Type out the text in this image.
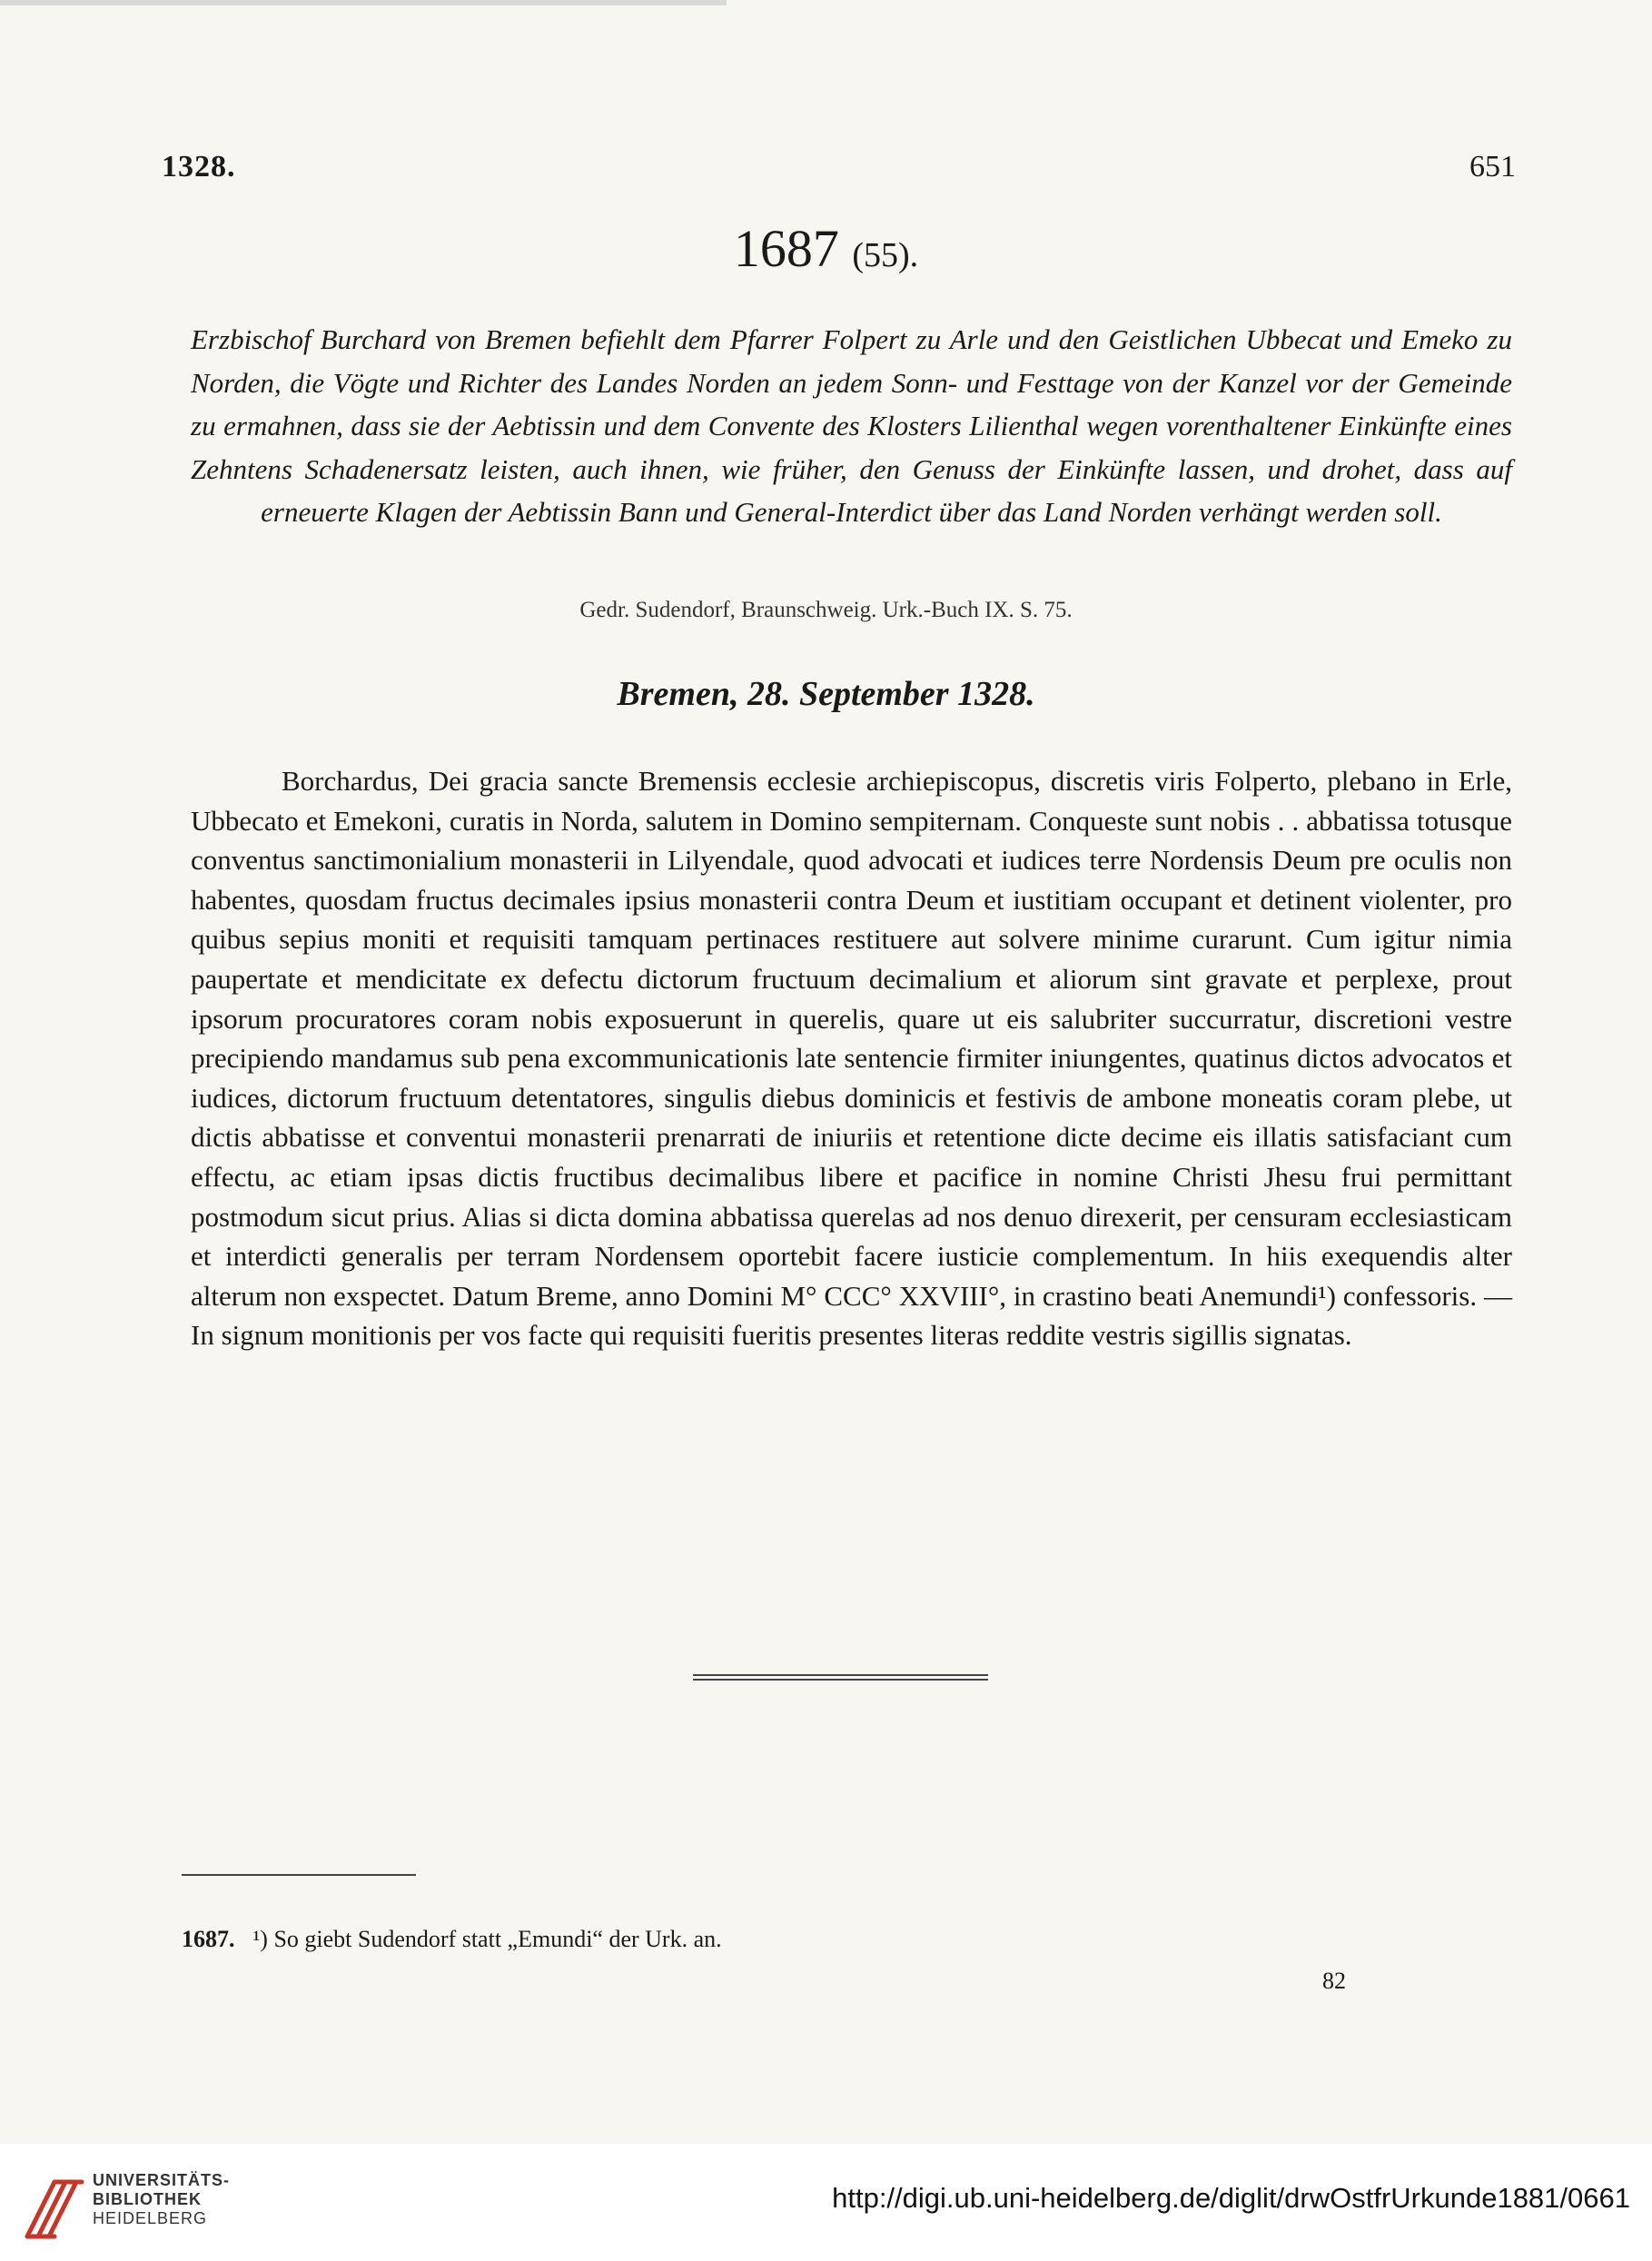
1328.	651
1687 (55).
Erzbischof Burchard von Bremen befiehlt dem Pfarrer Folpert zu Arle und den Geistlichen Ubbecat und Emeko zu Norden, die Vögte und Richter des Landes Norden an jedem Sonn- und Festtage von der Kanzel vor der Gemeinde zu ermahnen, dass sie der Aebtissin und dem Convente des Klosters Lilienthal wegen vorenthaltener Einkünfte eines Zehntens Schadenersatz leisten, auch ihnen, wie früher, den Genuss der Einkünfte lassen, und drohet, dass auf erneuerte Klagen der Aebtissin Bann und General-Interdict über das Land Norden verhängt werden soll.
Gedr. Sudendorf, Braunschweig. Urk.-Buch IX. S. 75.
Bremen, 28. September 1328.
Borchardus, Dei gracia sancte Bremensis ecclesie archiepiscopus, discretis viris Folperto, plebano in Erle, Ubbecato et Emekoni, curatis in Norda, salutem in Domino sempiternam. Conqueste sunt nobis . . abbatissa totusque conventus sanctimonialium monasterii in Lilyendale, quod advocati et iudices terre Nordensis Deum pre oculis non habentes, quosdam fructus decimales ipsius monasterii contra Deum et iustitiam occupant et detinent violenter, pro quibus sepius moniti et requisiti tamquam pertinaces restituere aut solvere minime curarunt. Cum igitur nimia paupertate et mendicitate ex defectu dictorum fructuum decimalium et aliorum sint gravate et perplexe, prout ipsorum procuratores coram nobis exposuerunt in querelis, quare ut eis salubriter succurratur, discretioni vestre precipiendo mandamus sub pena excommunicationis late sentencie firmiter iniungentes, quatinus dictos advocatos et iudices, dictorum fructuum detentatores, singulis diebus dominicis et festivis de ambone moneatis coram plebe, ut dictis abbatisse et conventui monasterii prenarrati de iniuriis et retentione dicte decime eis illatis satisfaciant cum effectu, ac etiam ipsas dictis fructibus decimalibus libere et pacifice in nomine Christi Jhesu frui permittant postmodum sicut prius. Alias si dicta domina abbatissa querelas ad nos denuo direxerit, per censuram ecclesiasticam et interdicti generalis per terram Nordensem oportebit facere iusticie complementum. In hiis exequendis alter alterum non exspectet. Datum Breme, anno Domini M° CCC° XXVIII°, in crastino beati Anemundi¹) confessoris. — In signum monitionis per vos facte qui requisiti fueritis presentes literas reddite vestris sigillis signatas.
1687. ¹) So giebt Sudendorf statt „Emundi“ der Urk. an.
82
UNIVERSITÄTS-
BIBLIOTHEK
HEIDELBERG
http://digi.ub.uni-heidelberg.de/diglit/drwOstfrUrkunde1881/0661
